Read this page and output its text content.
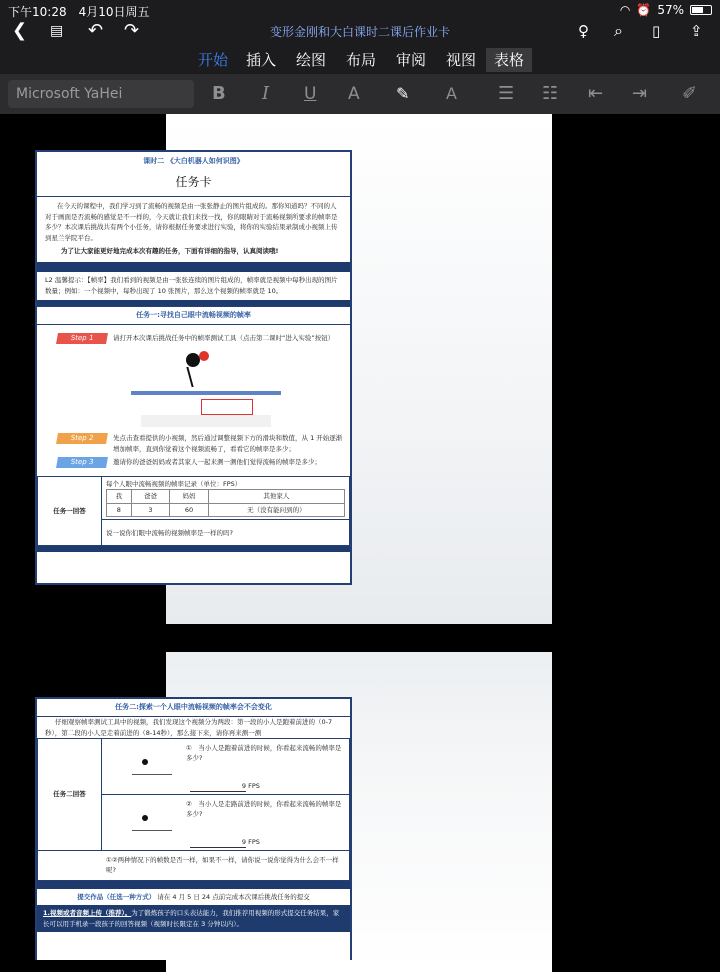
下午10:28　 4月10日周五	◠ ⏰ 57%
❮ ▤ ↶ ↷	变形金刚和大白课时二课后作业卡	♀ ⌕ ▯ ⇪
开始	插入	绘图	布局	审阅	视图	表格
Microsoft YaHei	B I U A ✎ A ☰ ☷ ⇤ ⇥ ✐
课时二 《大白机器人如何识图》
任务卡
在今天的课程中，我们学习到了流畅的视频是由一张张静止的图片组成的。那你知道吗？不同的人对于画面是否流畅的感觉是不一样的，今天就让我们来找一找，你的眼睛对于流畅视频所要求的帧率是多少？本次课后挑战共有两个小任务，请你根据任务要求进行实验，将你的实验结果录制成小视频上传到星兰学院平台。
为了让大家能更好地完成本次有趣的任务，下面有详细的指导，认真阅读哦!
L2 温馨提示：【帧率】我们看到的视频是由一张张连续的图片组成的，帧率就是视频中每秒出现的图片数量；例如：一个视频中，每秒出现了 10 张图片，那么这个视频的帧率就是 10。
任务一:寻找自己眼中流畅视频的帧率
Step 1	请打开本次课后挑战任务中的帧率测试工具（点击第二课时“进入实验”按钮）
Step 2	先点击查看提供的小视频，然后通过调整视频下方的滑块和数值，从 1 开始逐渐增加帧率，直到你觉着这个视频流畅了，看看它的帧率是多少；
Step 3	邀请你的爸爸妈妈或者其家人一起来测一测他们觉得流畅的帧率是多少；
任务一回答	
每个人眼中流畅视频的帧率记录（单位：FPS）
我	爸爸	妈妈	其他家人
8	3	60	无（没有能问到的）

说一说你们眼中流畅的视频帧率是一样的吗?
任务二:探索一个人眼中流畅视频的帧率会不会变化
仔细观察帧率测试工具中的视频，我们发现这个视频分为两段：第一段的小人是跑着前进的（0-7秒），第二段的小人是走着前进的（8-14秒），那么接下来，请你再来测一测
任务二回答	
①　当小人是跑着前进的时候，你看起来流畅的帧率是多少?
9 FPS

②　当小人是走路前进的时候，你看起来流畅的帧率是多少?
9 FPS

①②两种情况下的帧数是否一样，如果不一样，请你说一说你觉得为什么会不一样呢?
提交作品（任选一种方式） 请在 4 月 5 日 24 点前完成本次课后挑战任务的提交
1.视频或者音频上传（推荐）。为了锻炼孩子的口头表达能力，我们推荐用视频的形式提交任务结果，家长可以用手机录一段孩子的回答视频（视频时长限定在 3 分钟以内）。
